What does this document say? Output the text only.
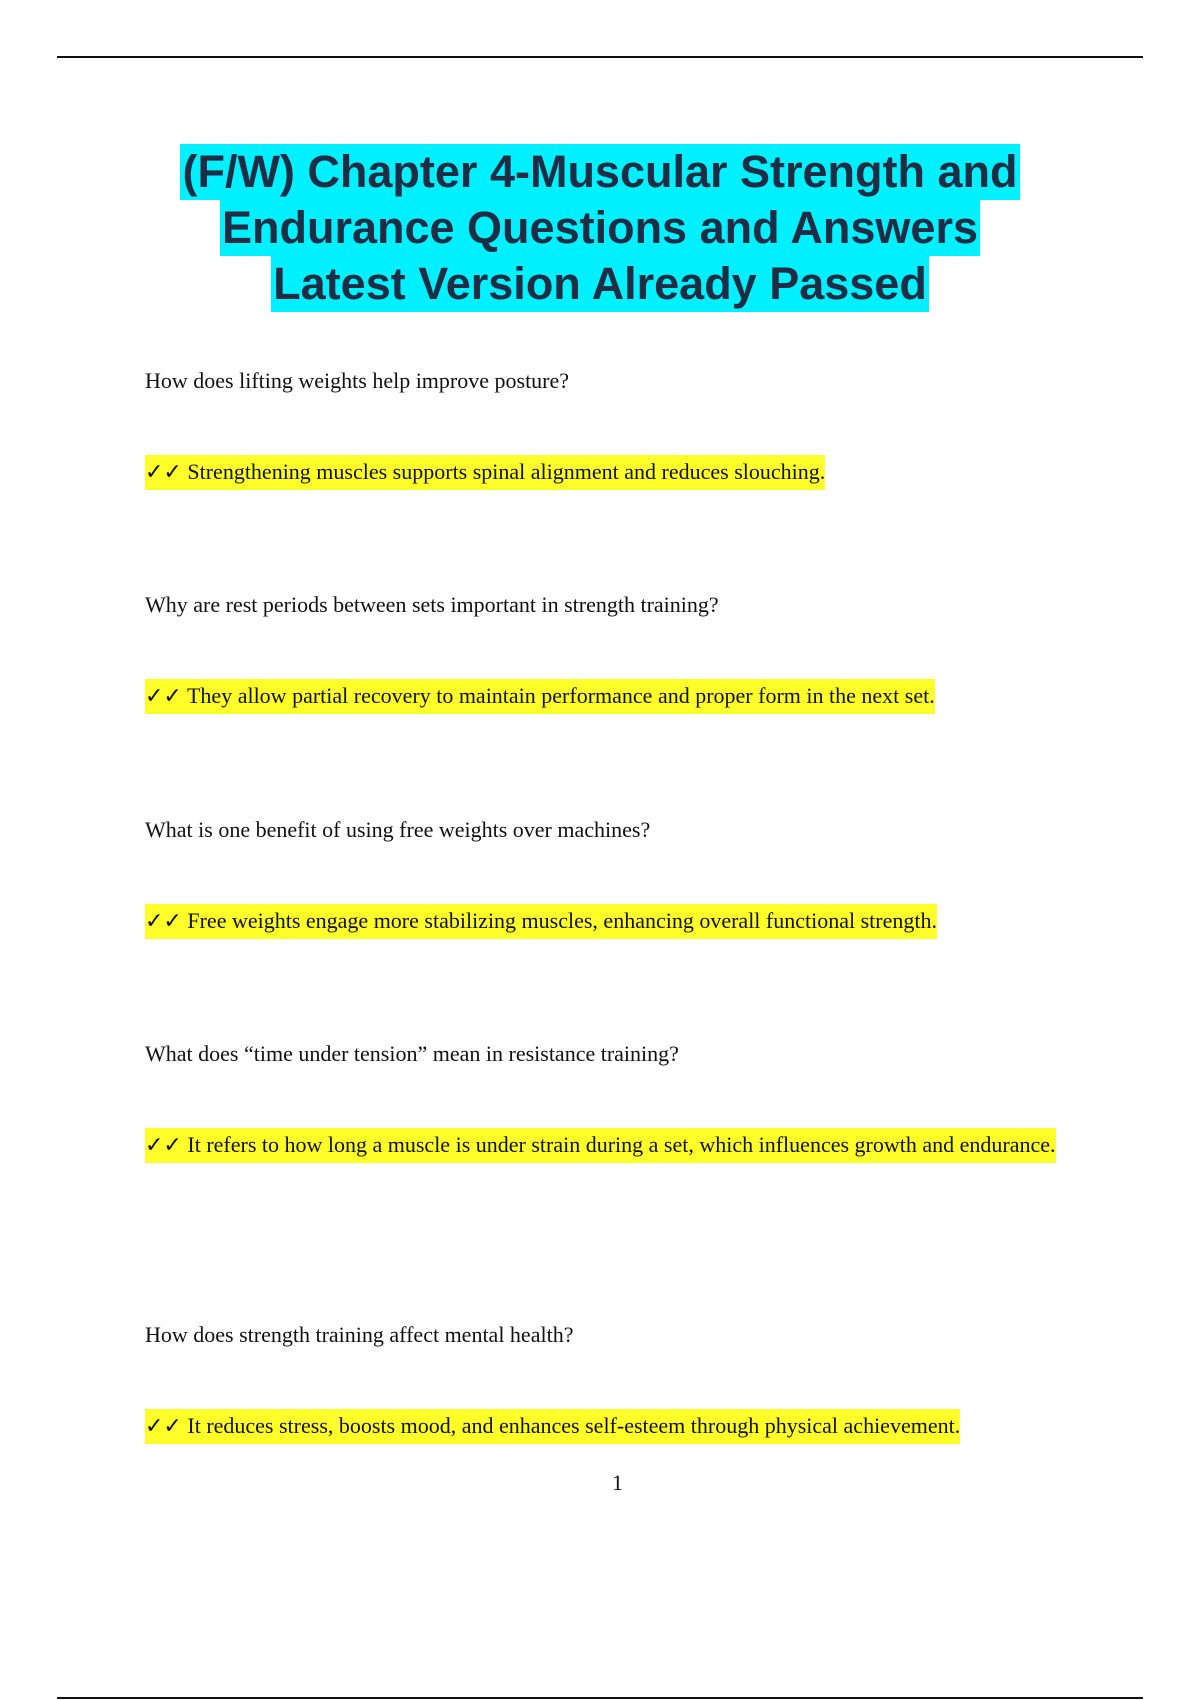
(F/W) Chapter 4-Muscular Strength and
Endurance Questions and Answers
Latest Version Already Passed
How does lifting weights help improve posture?
✓✓ Strengthening muscles supports spinal alignment and reduces slouching.
Why are rest periods between sets important in strength training?
✓✓ They allow partial recovery to maintain performance and proper form in the next set.
What is one benefit of using free weights over machines?
✓✓ Free weights engage more stabilizing muscles, enhancing overall functional strength.
What does “time under tension” mean in resistance training?
✓✓ It refers to how long a muscle is under strain during a set, which influences growth and endurance.
How does strength training affect mental health?
✓✓ It reduces stress, boosts mood, and enhances self-esteem through physical achievement.
1
